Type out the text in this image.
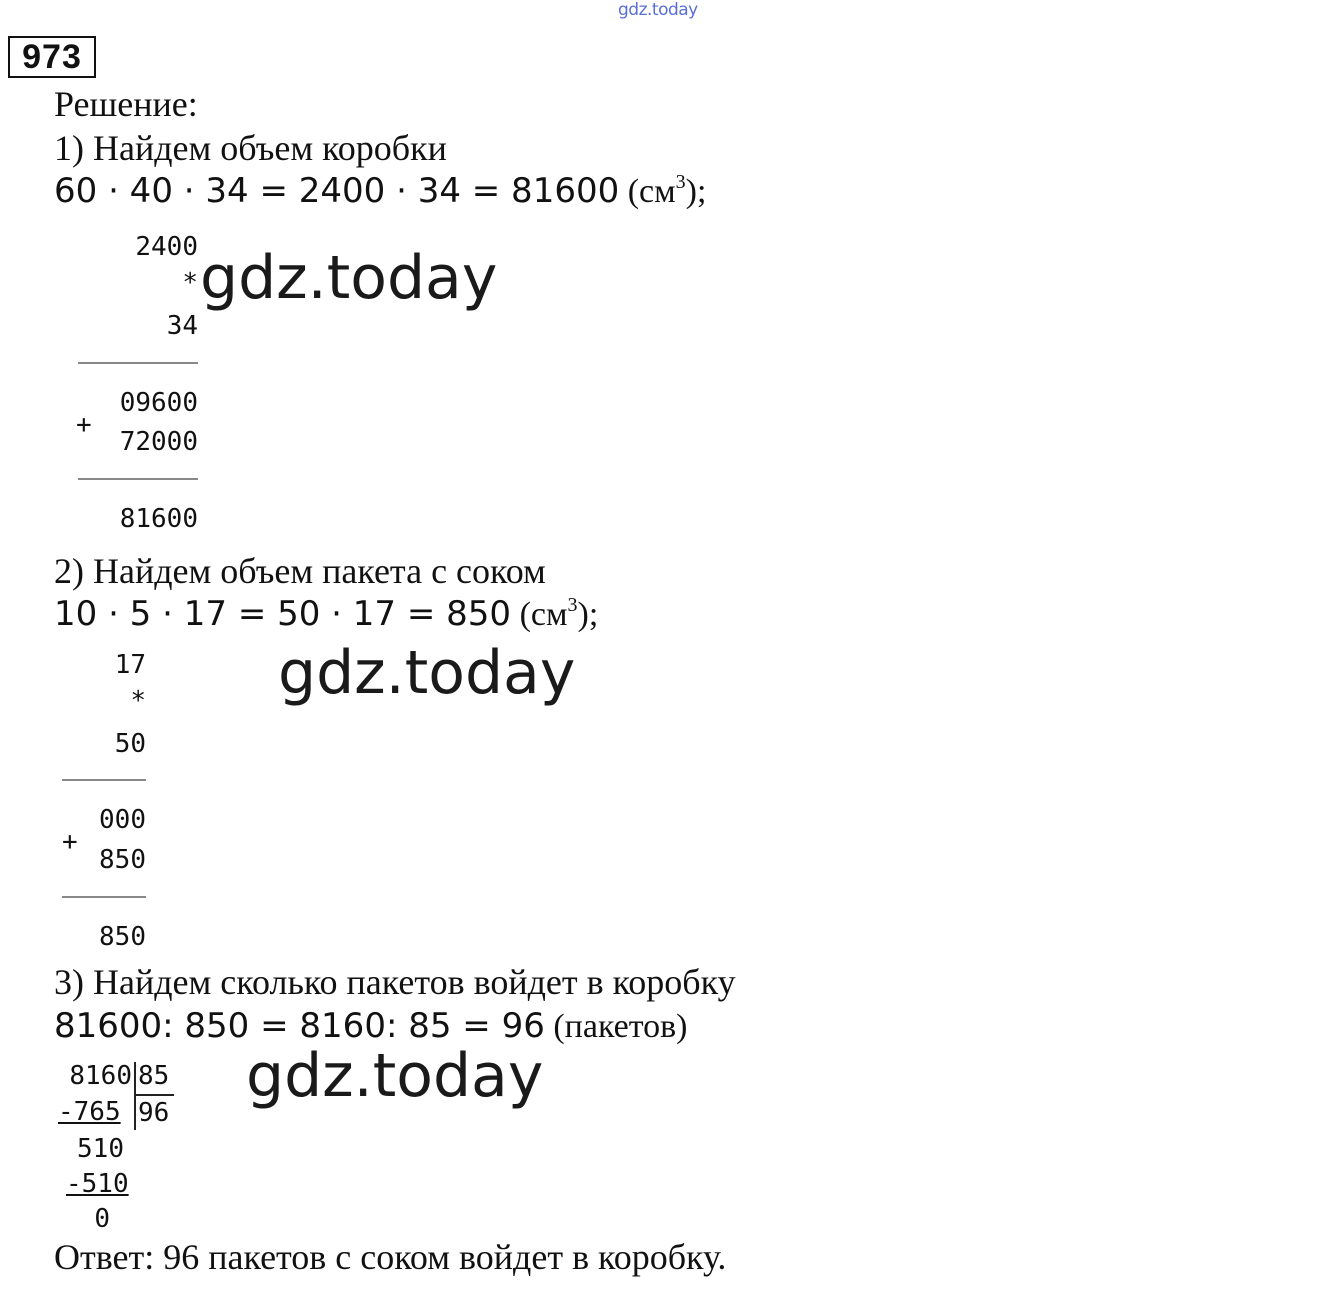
gdz.today
973
Решение:
1) Найдем объем коробки
60 · 40 · 34 = 2400 · 34 = 81600 $(см^3)$;
2400
* gdz.today
34
09600
+
72000
81600
2) Найдем объем пакета с соком
10 · 5 · 17 = 50 · 17 = 850 $(см^3)$;
17 gdz.today
*
50
000
+
850
850
3) Найдем сколько пакетов войдет в коробку
81600: 850 = 8160: 85 = 96 (пакетов)
8160 85
-765 96
gdz.today
510
-510
0
Ответ: 96 пакетов с соком войдет в коробку.
